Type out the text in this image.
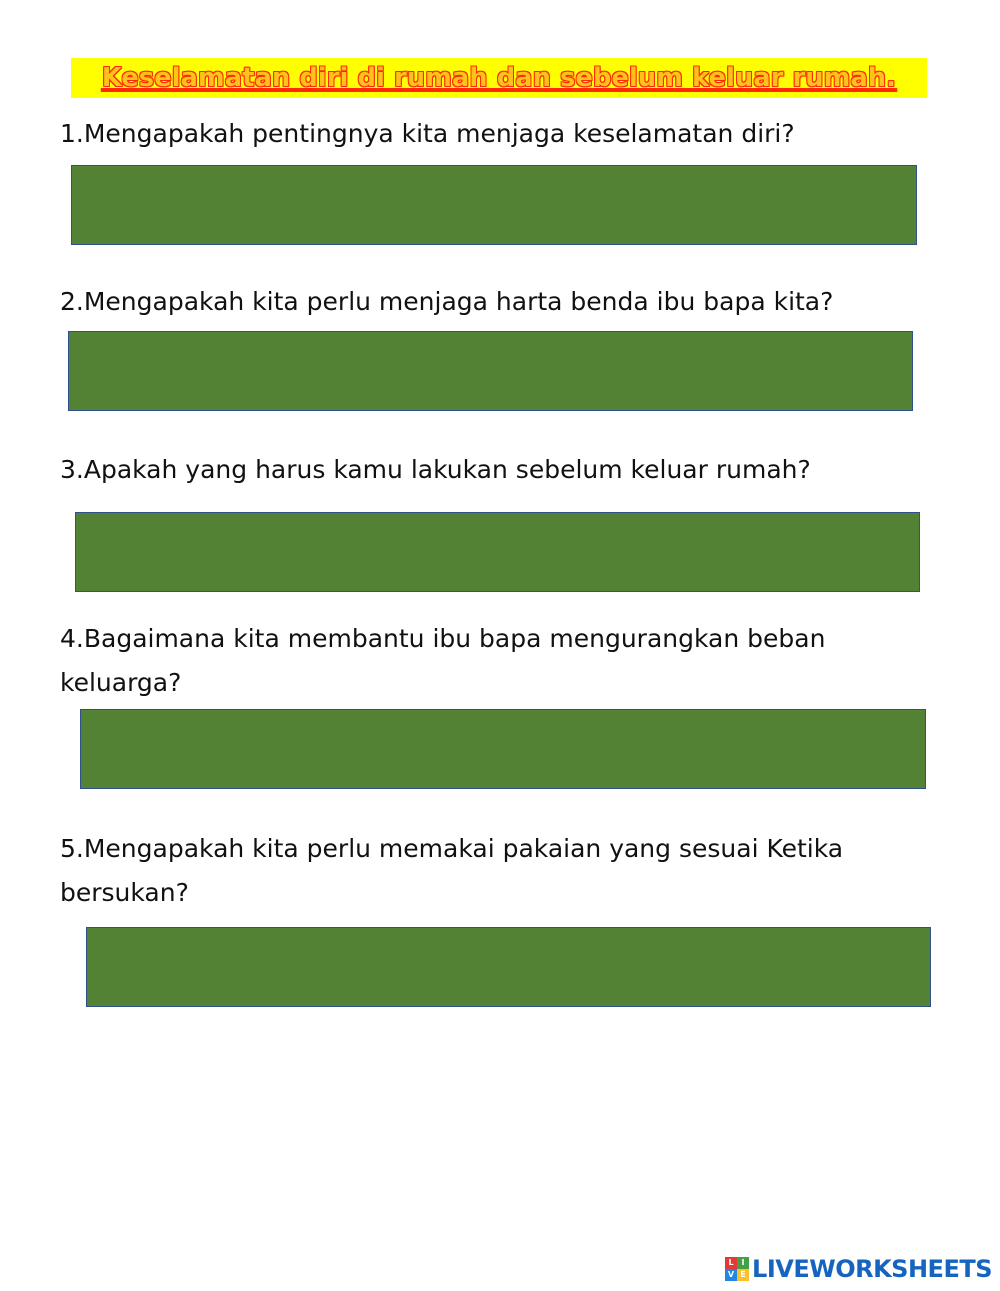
Keselamatan diri di rumah dan sebelum keluar rumah.

1.Mengapakah pentingnya kita menjaga keselamatan diri?

2.Mengapakah kita perlu menjaga harta benda ibu bapa kita?

3.Apakah yang harus kamu lakukan sebelum keluar rumah?

4.Bagaimana kita membantu ibu bapa mengurangkan beban keluarga?

5.Mengapakah kita perlu memakai pakaian yang sesuai Ketika bersukan?

L I
V E LIVEWORKSHEETS
